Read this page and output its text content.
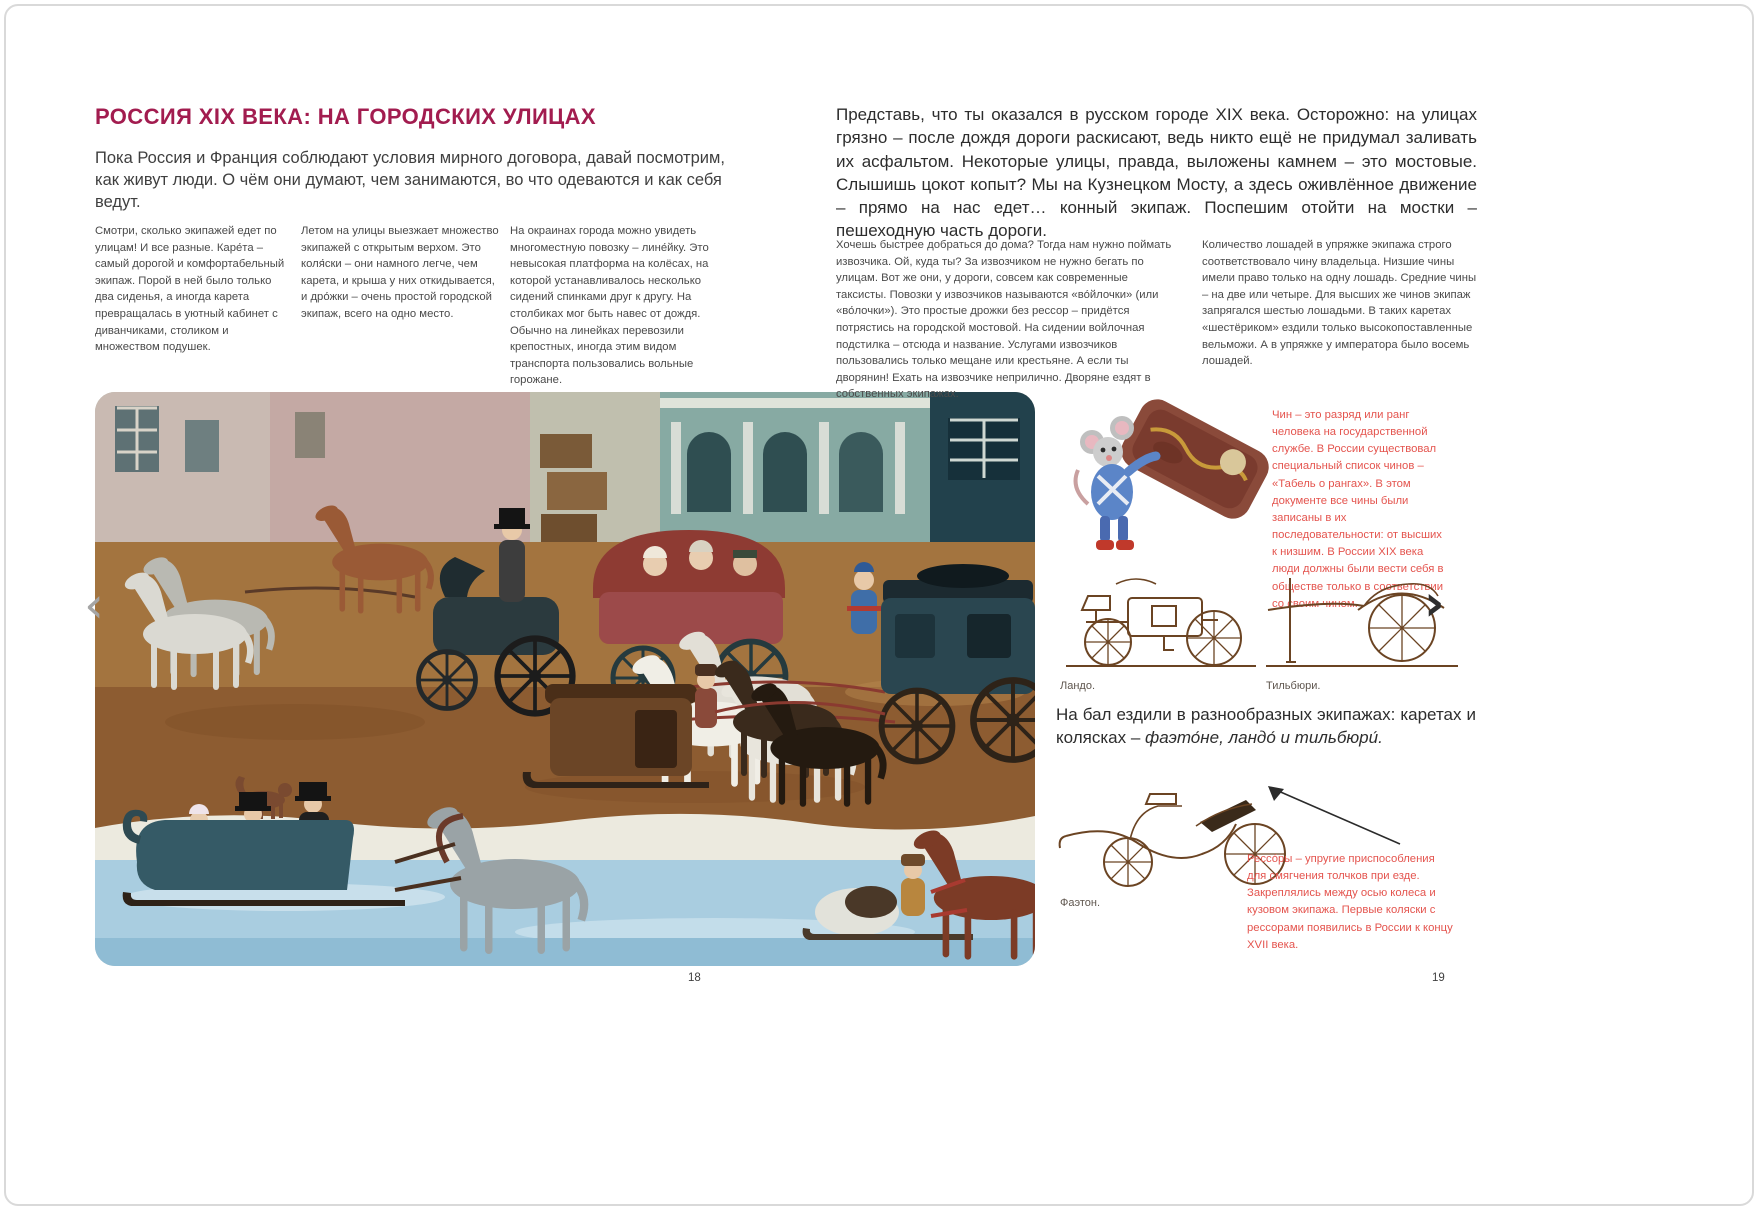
РОССИЯ XIX ВЕКА: НА ГОРОДСКИХ УЛИЦАХ
Пока Россия и Франция соблюдают условия мирного договора, давай посмотрим, как живут люди. О чём они думают, чем занимаются, во что одеваются и как себя ведут.
Смотри, сколько экипажей едет по улицам! И все разные. Каре́та – самый дорогой и комфортабельный экипаж. Порой в ней было только два сиденья, а иногда карета превращалась в уютный кабинет с диванчиками, столиком и множеством подушек.
Летом на улицы выезжает множество экипажей с открытым верхом. Это коля́ски – они намного легче, чем карета, и крыша у них откидывается, и дро́жки – очень простой городской экипаж, всего на одно место.
На окраинах города можно увидеть многоместную повозку – лине́йку. Это невысокая платформа на колёсах, на которой устанавливалось несколько сидений спинками друг к другу. На столбиках мог быть навес от дождя. Обычно на линейках перевозили крепостных, иногда этим видом транспорта пользовались вольные горожане.
Представь, что ты оказался в русском городе XIX века. Осторожно: на улицах грязно – после дождя дороги раскисают, ведь никто ещё не придумал заливать их асфальтом. Некоторые улицы, правда, выложены камнем – это мостовые. Слышишь цокот копыт? Мы на Кузнецком Мосту, а здесь оживлённое движение – прямо на нас едет… конный экипаж. Поспешим отойти на мостки – пешеходную часть дороги.
Хочешь быстрее добраться до дома? Тогда нам нужно поймать извозчика. Ой, куда ты? За извозчиком не нужно бегать по улицам. Вот же они, у дороги, совсем как современные таксисты. Повозки у извозчиков называются «во́йлочки» (или «во́лочки»). Это простые дрожки без рессор – придётся потрястись на городской мостовой. На сидении войлочная подстилка – отсюда и название. Услугами извозчиков пользовались только мещане или крестьяне. А если ты дворянин! Ехать на извозчике неприлично. Дворяне ездят в собственных экипажах.
Количество лошадей в упряжке экипажа строго соответствовало чину владельца. Низшие чины имели право только на одну лошадь. Средние чины – на две или четыре. Для высших же чинов экипаж запрягался шестью лошадьми. В таких каретах «шестёриком» ездили только высокопоставленные вельможи. А в упряжке у императора было восемь лошадей.
Чин – это разряд или ранг человека на государственной службе. В России существовал специальный список чинов – «Табель о рангах». В этом документе все чины были записаны в их последовательности: от высших к низшим. В России XIX века люди должны были вести себя в обществе только в соответствии со своим чином.
Ландо.	Тильбюри.
На бал ездили в разнообразных экипажах: каретах и колясках – фаэто́не, ландо́ и тильбюри́.
Фаэтон.
Рессо́ры – упругие приспособления для смягчения толчков при езде. Закреплялись между осью колеса и кузовом экипажа. Первые коляски с рессорами появились в России к концу XVII века.
18	19
‹	›
